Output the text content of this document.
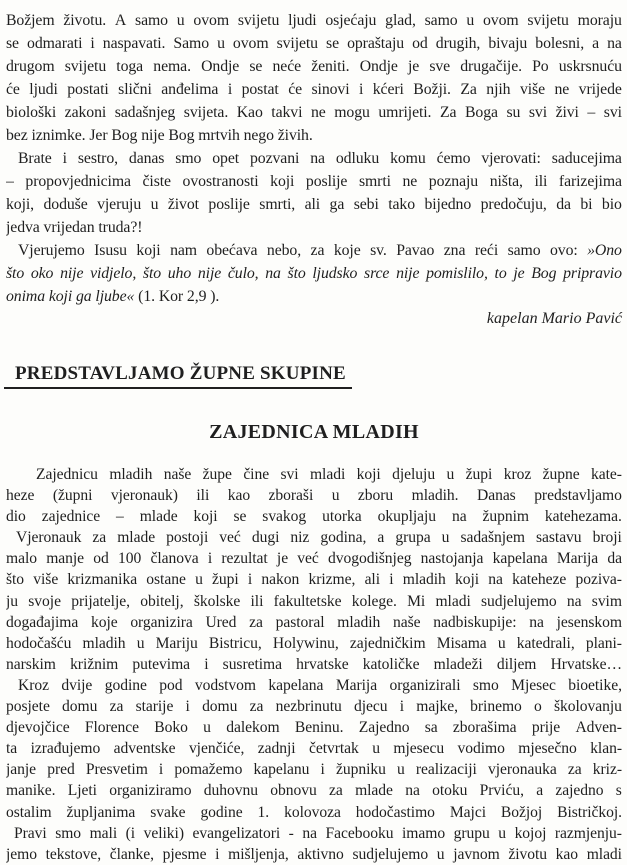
Božjem životu. A samo u ovom svijetu ljudi osjećaju glad, samo u ovom svijetu moraju
se odmarati i naspavati. Samo u ovom svijetu se opraštaju od drugih, bivaju bolesni, a na
drugom svijetu toga nema. Ondje se neće ženiti. Ondje je sve drugačije. Po uskrsnuću
će ljudi postati slični anđelima i postat će sinovi i kćeri Božji. Za njih više ne vrijede
biološki zakoni sadašnjeg svijeta. Kao takvi ne mogu umrijeti. Za Boga su svi živi – svi
bez iznimke. Jer Bog nije Bog mrtvih nego živih.
Brate i sestro, danas smo opet pozvani na odluku komu ćemo vjerovati: saducejima
– propovjednicima čiste ovostranosti koji poslije smrti ne poznaju ništa, ili farizejima
koji, doduše vjeruju u život poslije smrti, ali ga sebi tako bijedno predočuju, da bi bio
jedva vrijedan truda?!
Vjerujemo Isusu koji nam obećava nebo, za koje sv. Pavao zna reći samo ovo: »Ono
što oko nije vidjelo, što uho nije čulo, na što ljudsko srce nije pomislilo, to je Bog pripravio
onima koji ga ljube« (1. Kor 2,9 ).
kapelan Mario Pavić
PREDSTAVLJAMO ŽUPNE SKUPINE
ZAJEDNICA MLADIH
Zajednicu mladih naše župe čine svi mladi koji djeluju u župi kroz župne kate-
heze (župni vjeronauk) ili kao zboraši u zboru mladih. Danas predstavljamo
dio zajednice – mlade koji se svakog utorka okupljaju na župnim katehezama.
Vjeronauk za mlade postoji već dugi niz godina, a grupa u sadašnjem sastavu broji
malo manje od 100 članova i rezultat je već dvogodišnjeg nastojanja kapelana Marija da
što više krizmanika ostane u župi i nakon krizme, ali i mladih koji na kateheze poziva-
ju svoje prijatelje, obitelj, školske ili fakultetske kolege. Mi mladi sudjelujemo na svim
događajima koje organizira Ured za pastoral mladih naše nadbiskupije: na jesenskom
hodočašću mladih u Mariju Bistricu, Holywinu, zajedničkim Misama u katedrali, plani-
narskim križnim putevima i susretima hrvatske katoličke mladeži diljem Hrvatske…
Kroz dvije godine pod vodstvom kapelana Marija organizirali smo Mjesec bioetike,
posjete domu za starije i domu za nezbrinutu djecu i majke, brinemo o školovanju
djevojčice Florence Boko u dalekom Beninu. Zajedno sa zborašima prije Adven-
ta izrađujemo adventske vjenčiće, zadnji četvrtak u mjesecu vodimo mjesečno klan-
janje pred Presvetim i pomažemo kapelanu i župniku u realizaciji vjeronauka za kriz-
manike. Ljeti organiziramo duhovnu obnovu za mlade na otoku Prviću, a zajedno s
ostalim župljanima svake godine 1. kolovoza hodočastimo Majci Božjoj Bistričkoj.
Pravi smo mali (i veliki) evangelizatori - na Facebooku imamo grupu u kojoj razmjenju-
jemo tekstove, članke, pjesme i mišljenja, aktivno sudjelujemo u javnom životu kao mladi
